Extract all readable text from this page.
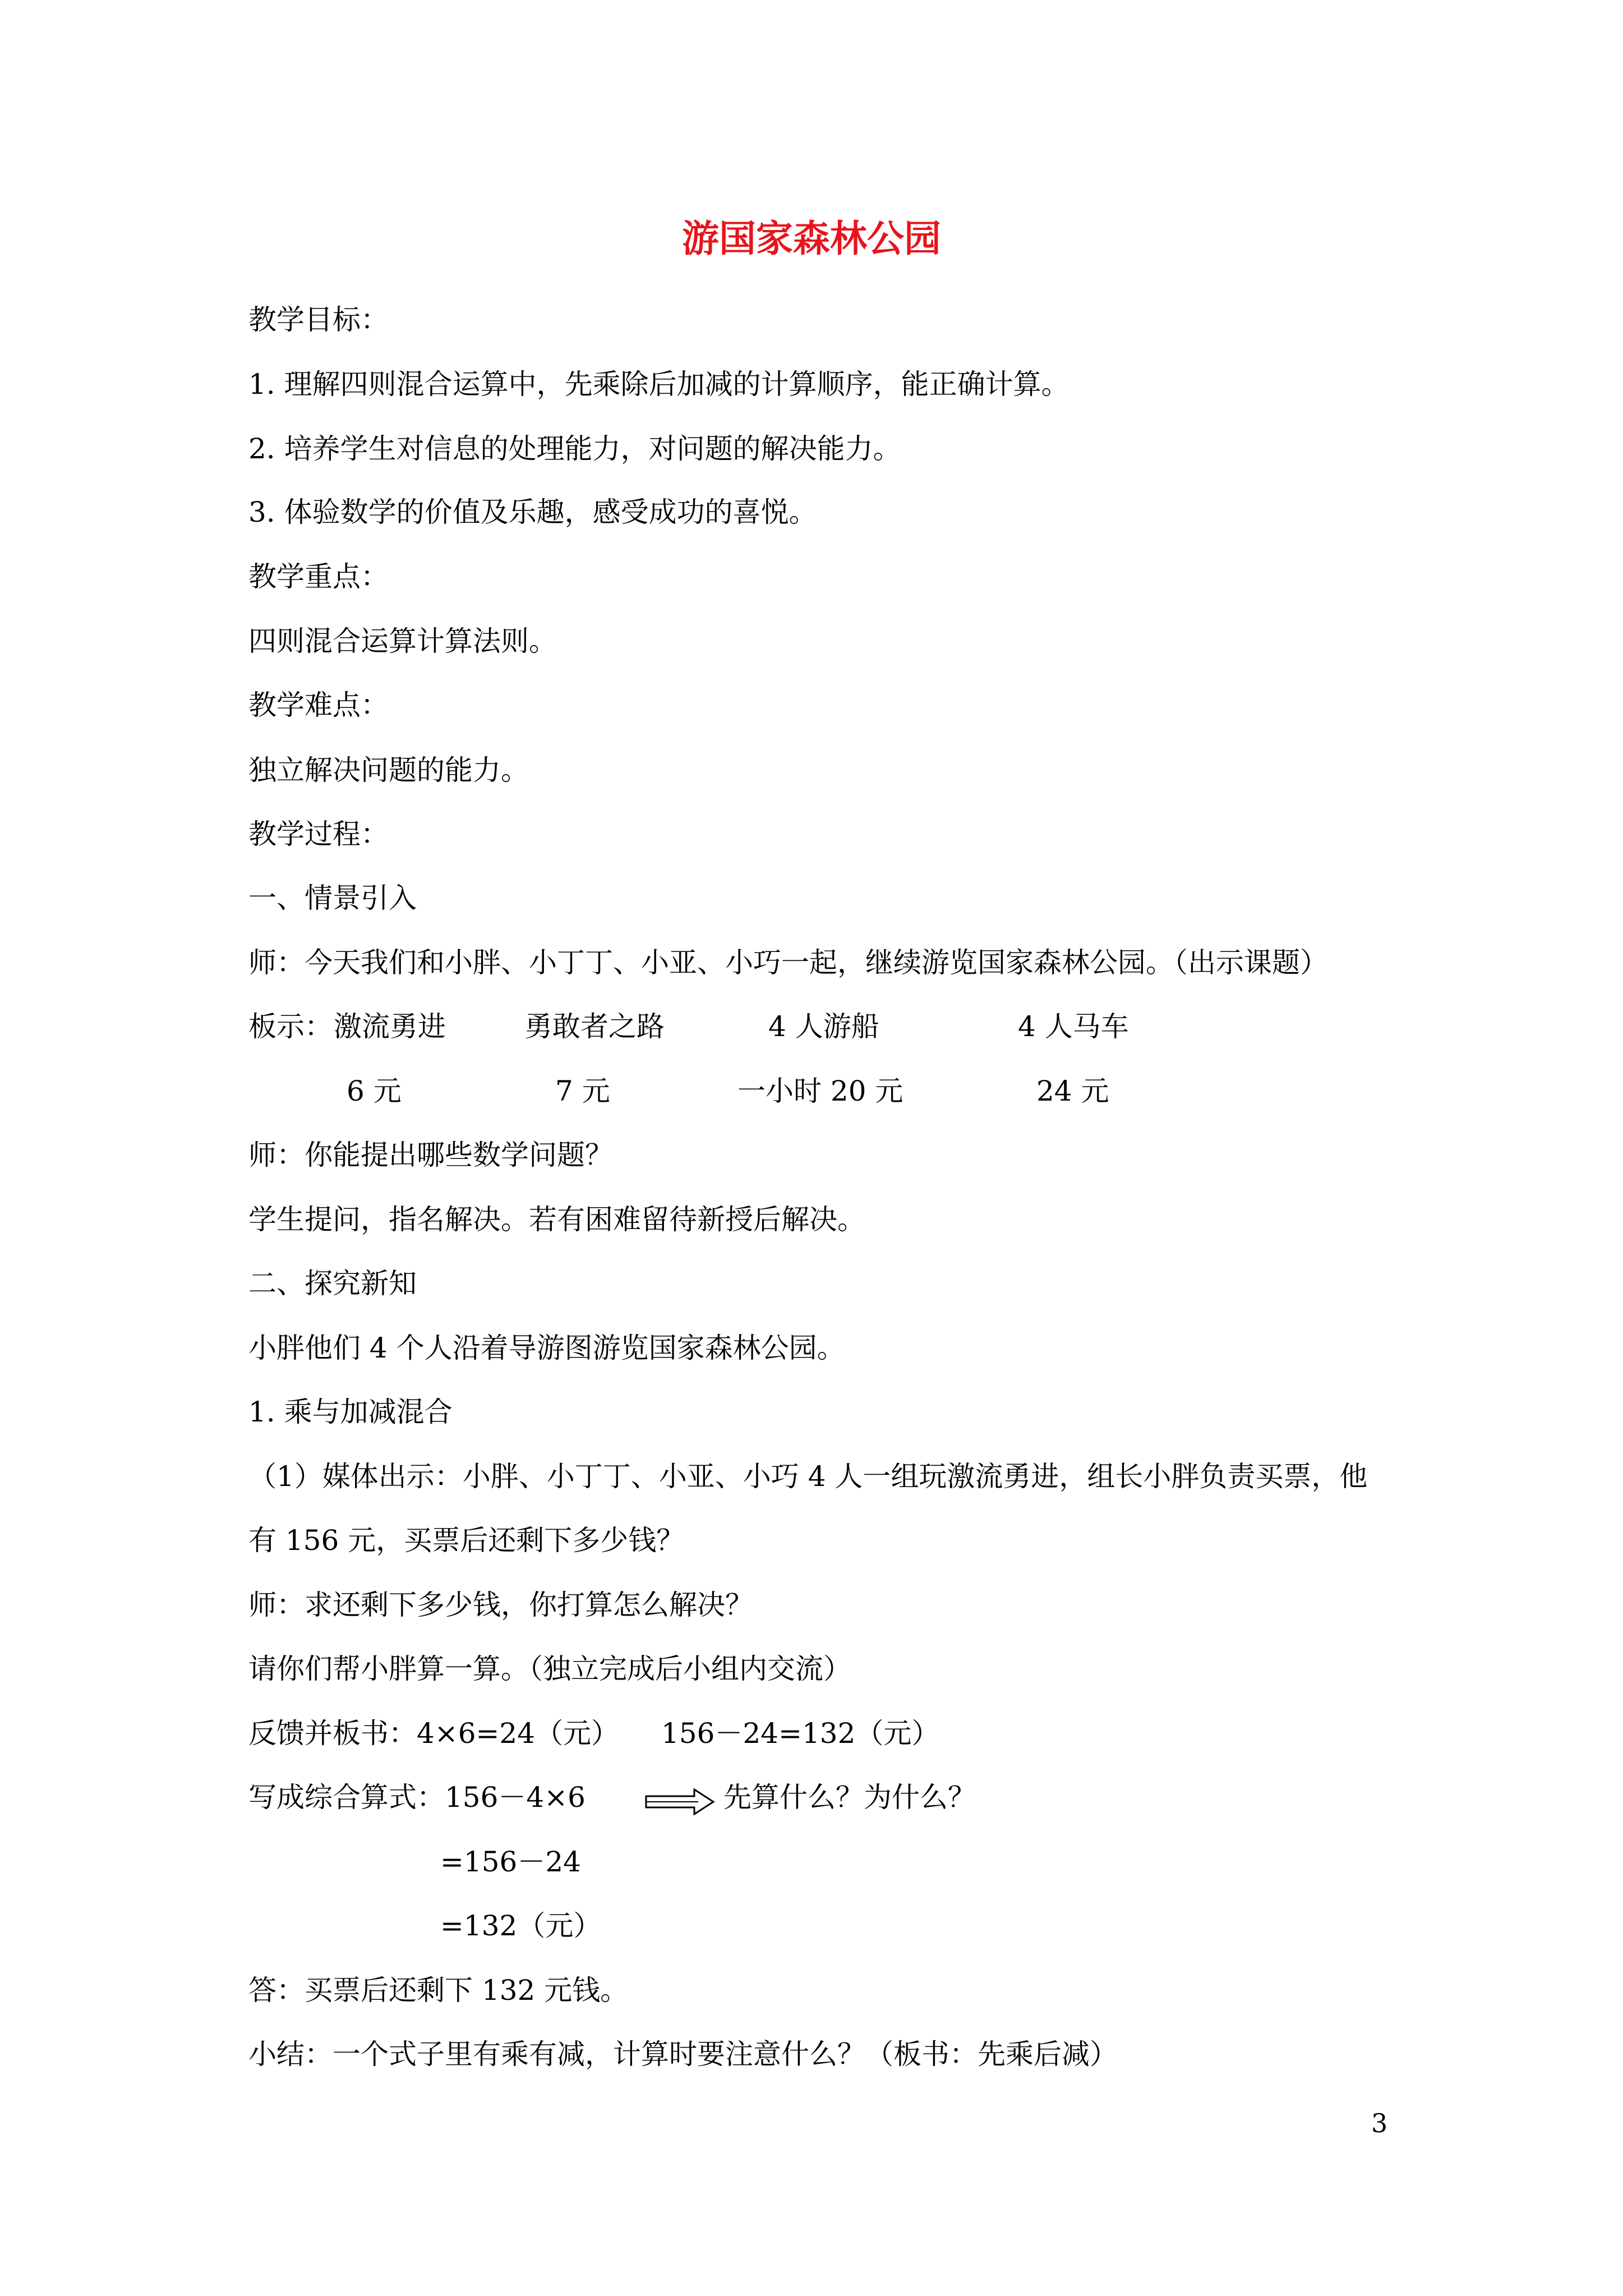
游国家森林公园
教学目标：
1. 理解四则混合运算中，先乘除后加减的计算顺序，能正确计算。
2. 培养学生对信息的处理能力，对问题的解决能力。
3. 体验数学的价值及乐趣，感受成功的喜悦。
教学重点：
四则混合运算计算法则。
教学难点：
独立解决问题的能力。
教学过程：
一、情景引入
师：今天我们和小胖、小丁丁、小亚、小巧一起，继续游览国家森林公园。（出示课题）
板示： 激流勇进	勇敢者之路	4 人游船	4 人马车
6 元	7 元	一小时 20 元	24 元
师：你能提出哪些数学问题？
学生提问，指名解决。若有困难留待新授后解决。
二、探究新知
小胖他们 4 个人沿着导游图游览国家森林公园。
1. 乘与加减混合
（1）媒体出示：小胖、小丁丁、小亚、小巧 4 人一组玩激流勇进，组长小胖负责买票，他
有 156 元，买票后还剩下多少钱？
师：求还剩下多少钱，你打算怎么解决？
请你们帮小胖算一算。（独立完成后小组内交流）
反馈并板书：4×6=24（元）　　156－24=132（元）
写成综合算式：156－4×6	先算什么？为什么？
=156－24
=132（元）
答：买票后还剩下 132 元钱。
小结：一个式子里有乘有减，计算时要注意什么？（板书：先乘后减）
3
